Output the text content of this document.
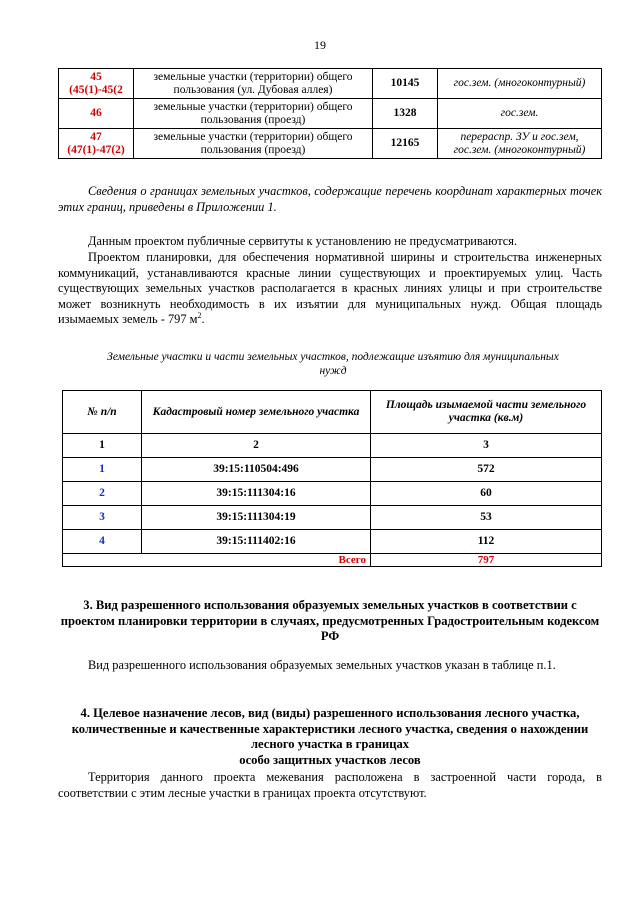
19
45 (45(1)-45(2	земельные участки (территории) общего пользования (ул. Дубовая аллея)	10145	гос.зем. (многоконтурный)
46	земельные участки (территории) общего пользования (проезд)	1328	гос.зем.
47 (47(1)-47(2)	земельные участки (территории) общего пользования (проезд)	12165	перераспр. ЗУ и гос.зем, гос.зем. (многоконтурный)

Сведения о границах земельных участков, содержащие перечень координат характерных точек этих границ, приведены в Приложении 1.

Данным проектом публичные сервитуты к установлению не предусматриваются.

Проектом планировки, для обеспечения нормативной ширины и строительства инженерных коммуникаций, устанавливаются красные линии существующих и проектируемых улиц. Часть существующих земельных участков располагается в красных линиях улицы и при строительстве может возникнуть необходимость в их изъятии для муниципальных нужд. Общая площадь изымаемых земель - 797 $м^2$.

Земельные участки и части земельных участков, подлежащие изъятию для муниципальных нужд
№ п/п	Кадастровый номер земельного участка	Площадь изымаемой части земельного участка (кв.м)
1	2	3
1	39:15:110504:496	572
2	39:15:111304:16	60
3	39:15:111304:19	53
4	39:15:111402:16	112
Всего		797

3. Вид разрешенного использования образуемых земельных участков в соответствии с проектом планировки территории в случаях, предусмотренных Градостроительным кодексом РФ

Вид разрешенного использования образуемых земельных участков указан в таблице п.1.

4. Целевое назначение лесов, вид (виды) разрешенного использования лесного участка, количественные и качественные характеристики лесного участка, сведения о нахождении лесного участка в границах
особо защитных участков лесов

Территория данного проекта межевания расположена в застроенной части города, в соответствии с этим лесные участки в границах проекта отсутствуют.
